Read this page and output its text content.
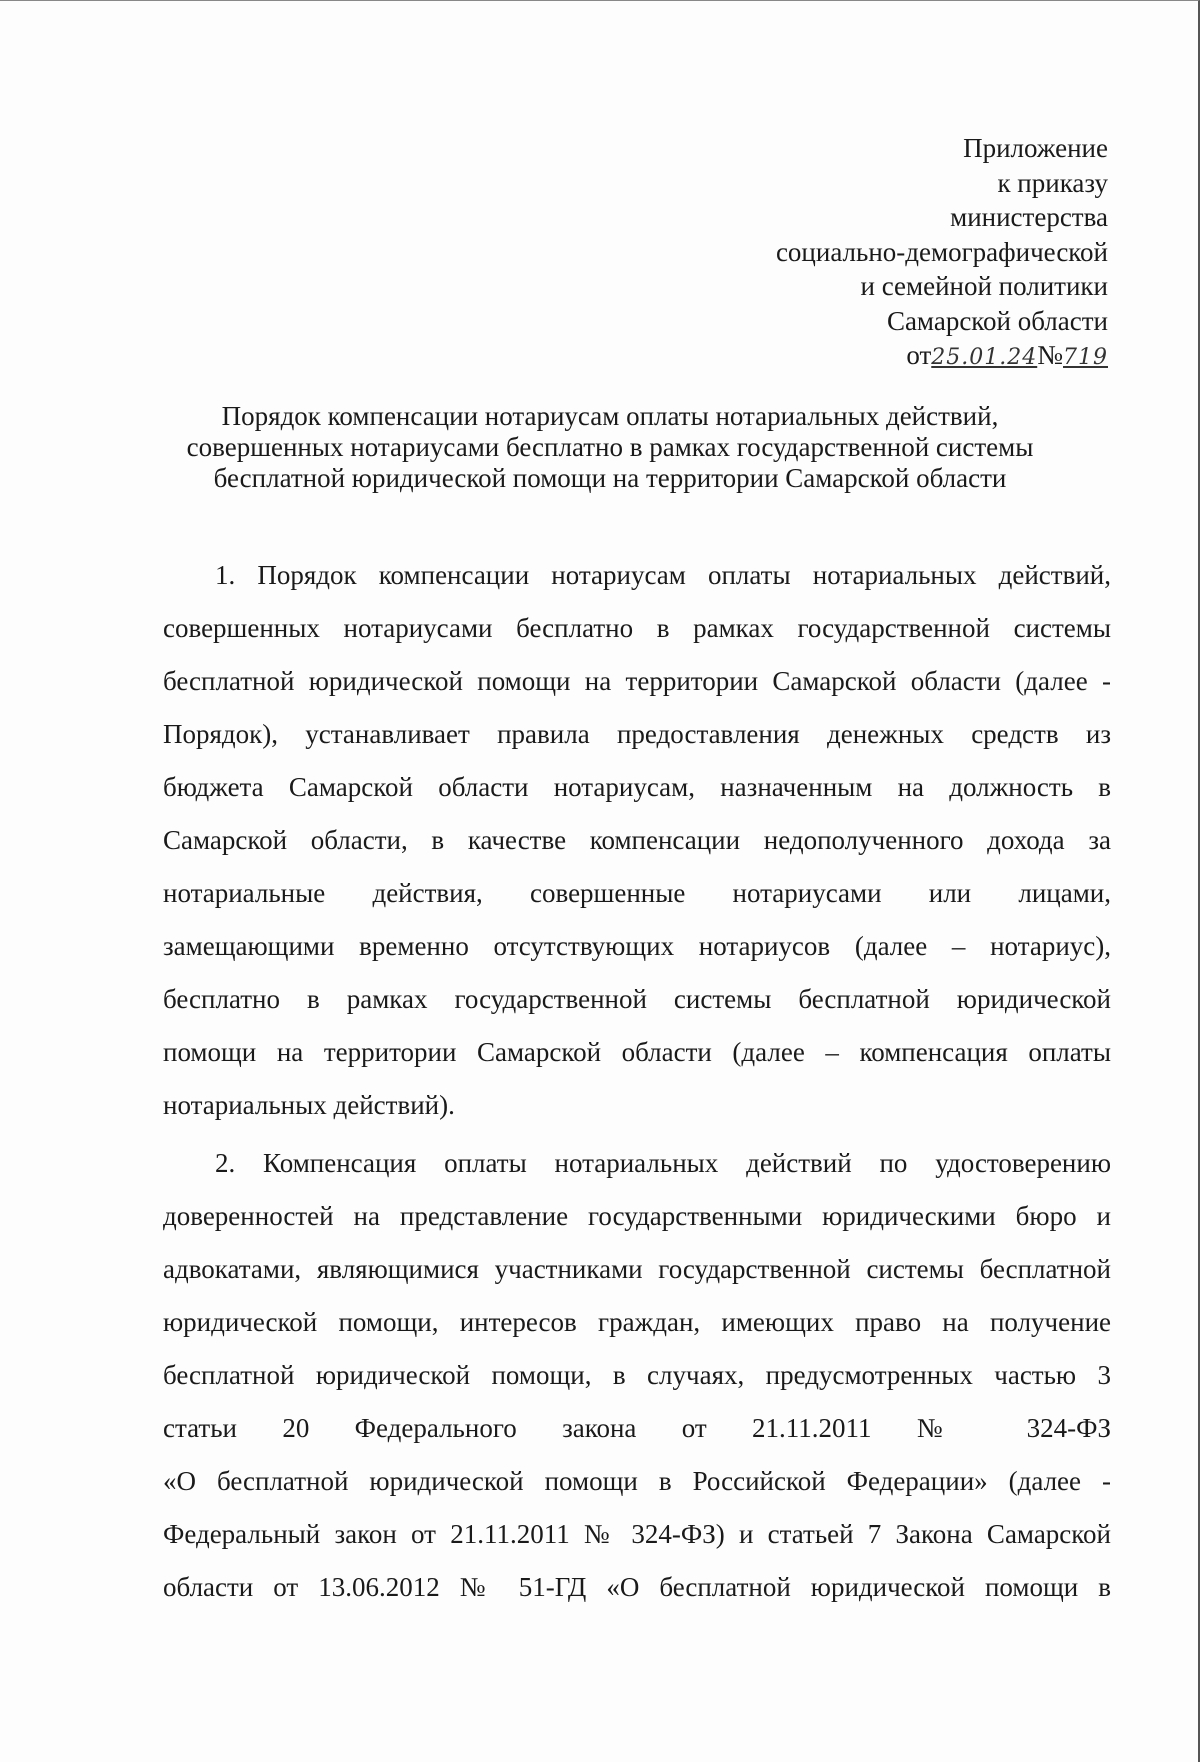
Приложение
к приказу
министерства
социально-демографической
и семейной политики
Самарской области
от25.01.24№719
Порядок компенсации нотариусам оплаты нотариальных действий,
совершенных нотариусами бесплатно в рамках государственной системы
бесплатной юридической помощи на территории Самарской области
1. Порядок компенсации нотариусам оплаты нотариальных действий,
совершенных нотариусами бесплатно в рамках государственной системы
бесплатной юридической помощи на территории Самарской области (далее -
Порядок), устанавливает правила предоставления денежных средств из
бюджета Самарской области нотариусам, назначенным на должность в
Самарской области, в качестве компенсации недополученного дохода за
нотариальные действия, совершенные нотариусами или лицами,
замещающими временно отсутствующих нотариусов (далее – нотариус),
бесплатно в рамках государственной системы бесплатной юридической
помощи на территории Самарской области (далее – компенсация оплаты
нотариальных действий).
2. Компенсация оплаты нотариальных действий по удостоверению
доверенностей на представление государственными юридическими бюро и
адвокатами, являющимися участниками государственной системы бесплатной
юридической помощи, интересов граждан, имеющих право на получение
бесплатной юридической помощи, в случаях, предусмотренных частью 3
статьи 20 Федерального закона от 21.11.2011 № 324-ФЗ
«О бесплатной юридической помощи в Российской Федерации» (далее -
Федеральный закон от 21.11.2011 № 324-ФЗ) и статьей 7 Закона Самарской
области от 13.06.2012 № 51-ГД «О бесплатной юридической помощи в
